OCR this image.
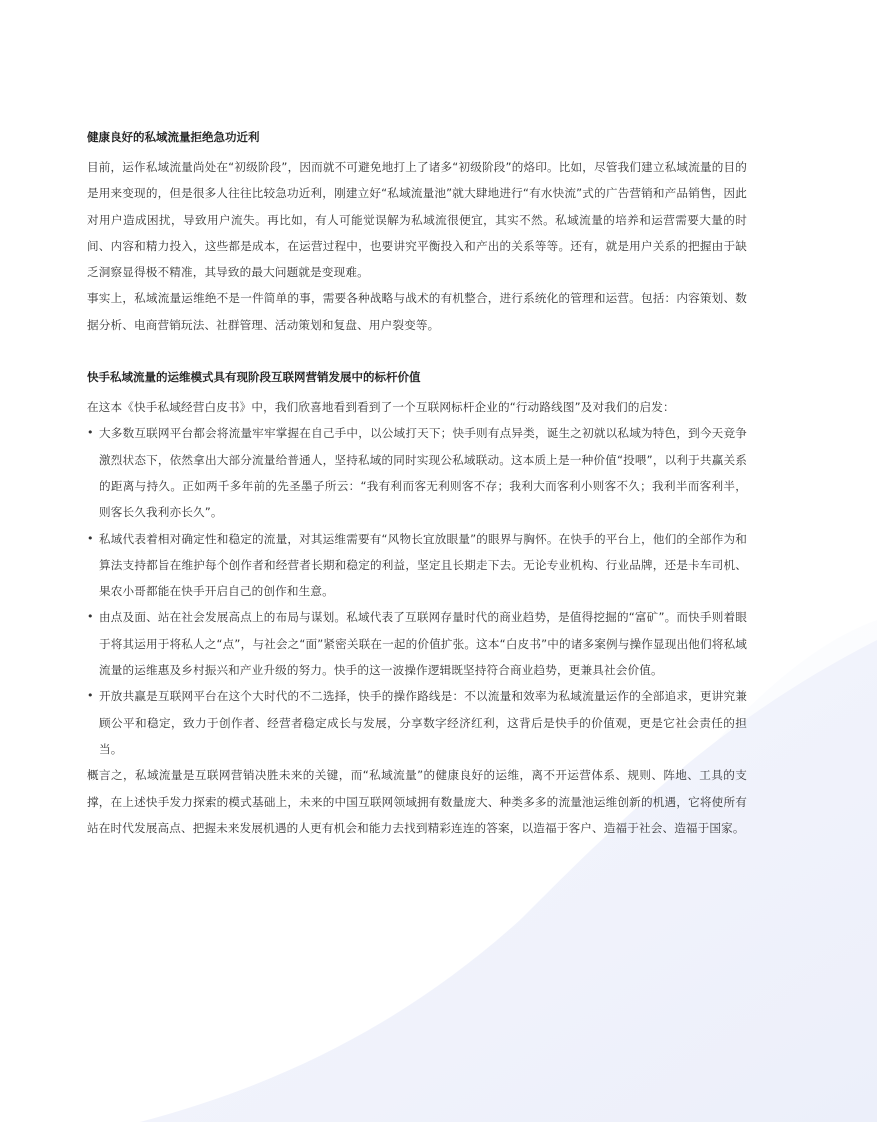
健康良好的私域流量拒绝急功近利

目前，运作私域流量尚处在“初级阶段”，因而就不可避免地打上了诸多“初级阶段”的烙印。比如，尽管我们建立私域流量的目的是用来变现的，但是很多人往往比较急功近利，刚建立好“私域流量池”就大肆地进行“有水快流”式的广告营销和产品销售，因此对用户造成困扰，导致用户流失。再比如，有人可能觉误解为私域流很便宜，其实不然。私域流量的培养和运营需要大量的时间、内容和精力投入，这些都是成本，在运营过程中，也要讲究平衡投入和产出的关系等等。还有，就是用户关系的把握由于缺乏洞察显得极不精准，其导致的最大问题就是变现难。

事实上，私域流量运维绝不是一件简单的事，需要各种战略与战术的有机整合，进行系统化的管理和运营。包括：内容策划、数据分析、电商营销玩法、社群管理、活动策划和复盘、用户裂变等。

快手私域流量的运维模式具有现阶段互联网营销发展中的标杆价值

在这本《快手私域经营白皮书》中，我们欣喜地看到看到了一个互联网标杆企业的“行动路线图”及对我们的启发：

• 大多数互联网平台都会将流量牢牢掌握在自己手中，以公域打天下；快手则有点异类，诞生之初就以私域为特色，到今天竞争激烈状态下，依然拿出大部分流量给普通人，坚持私域的同时实现公私域联动。这本质上是一种价值“投喂”，以利于共赢关系的距离与持久。正如两千多年前的先圣墨子所云：“我有利而客无利则客不存；我利大而客利小则客不久；我利半而客利半，则客长久我利亦长久”。
• 私域代表着相对确定性和稳定的流量，对其运维需要有“风物长宜放眼量”的眼界与胸怀。在快手的平台上，他们的全部作为和算法支持都旨在维护每个创作者和经营者长期和稳定的利益，坚定且长期走下去。无论专业机构、行业品牌，还是卡车司机、果农小哥都能在快手开启自己的创作和生意。
• 由点及面、站在社会发展高点上的布局与谋划。私域代表了互联网存量时代的商业趋势，是值得挖掘的“富矿”。而快手则着眼于将其运用于将私人之“点”，与社会之“面”紧密关联在一起的价值扩张。这本“白皮书”中的诸多案例与操作显现出他们将私域流量的运维惠及乡村振兴和产业升级的努力。快手的这一波操作逻辑既坚持符合商业趋势，更兼具社会价值。
• 开放共赢是互联网平台在这个大时代的不二选择，快手的操作路线是：不以流量和效率为私域流量运作的全部追求，更讲究兼顾公平和稳定，致力于创作者、经营者稳定成长与发展，分享数字经济红利，这背后是快手的价值观，更是它社会责任的担当。

概言之，私域流量是互联网营销决胜未来的关键，而“私域流量”的健康良好的运维，离不开运营体系、规则、阵地、工具的支撑，在上述快手发力探索的模式基础上，未来的中国互联网领域拥有数量庞大、种类多多的流量池运维创新的机遇，它将使所有站在时代发展高点、把握未来发展机遇的人更有机会和能力去找到精彩连连的答案，以造福于客户、造福于社会、造福于国家。
